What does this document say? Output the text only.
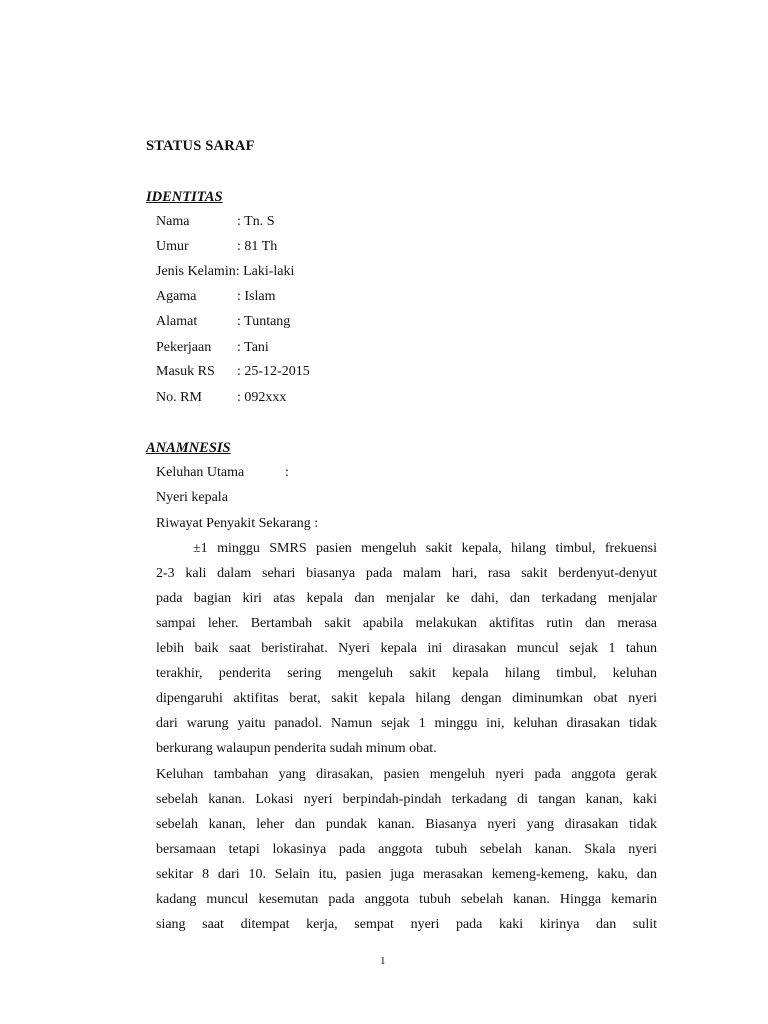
STATUS SARAF
IDENTITAS
Nama	: Tn. S
Umur	: 81 Th
Jenis Kelamin: Laki-laki
Agama	: Islam
Alamat	: Tuntang
Pekerjaan : Tani
Masuk RS : 25-12-2015
No. RM	: 092xxx
ANAMNESIS
Keluhan Utama	:
Nyeri kepala
Riwayat Penyakit Sekarang :
±1 minggu SMRS pasien mengeluh sakit kepala, hilang timbul, frekuensi
2-3 kali dalam sehari biasanya pada malam hari, rasa sakit berdenyut-denyut
pada bagian kiri atas kepala dan menjalar ke dahi, dan terkadang menjalar
sampai leher. Bertambah sakit apabila melakukan aktifitas rutin dan merasa
lebih baik saat beristirahat. Nyeri kepala ini dirasakan muncul sejak 1 tahun
terakhir, penderita sering mengeluh sakit kepala hilang timbul, keluhan
dipengaruhi aktifitas berat, sakit kepala hilang dengan diminumkan obat nyeri
dari warung yaitu panadol. Namun sejak 1 minggu ini, keluhan dirasakan tidak
berkurang walaupun penderita sudah minum obat.
Keluhan tambahan yang dirasakan, pasien mengeluh nyeri pada anggota gerak
sebelah kanan. Lokasi nyeri berpindah-pindah terkadang di tangan kanan, kaki
sebelah kanan, leher dan pundak kanan. Biasanya nyeri yang dirasakan tidak
bersamaan tetapi lokasinya pada anggota tubuh sebelah kanan. Skala nyeri
sekitar 8 dari 10. Selain itu, pasien juga merasakan kemeng-kemeng, kaku, dan
kadang muncul kesemutan pada anggota tubuh sebelah kanan. Hingga kemarin
siang saat ditempat kerja, sempat nyeri pada kaki kirinya dan sulit
1
